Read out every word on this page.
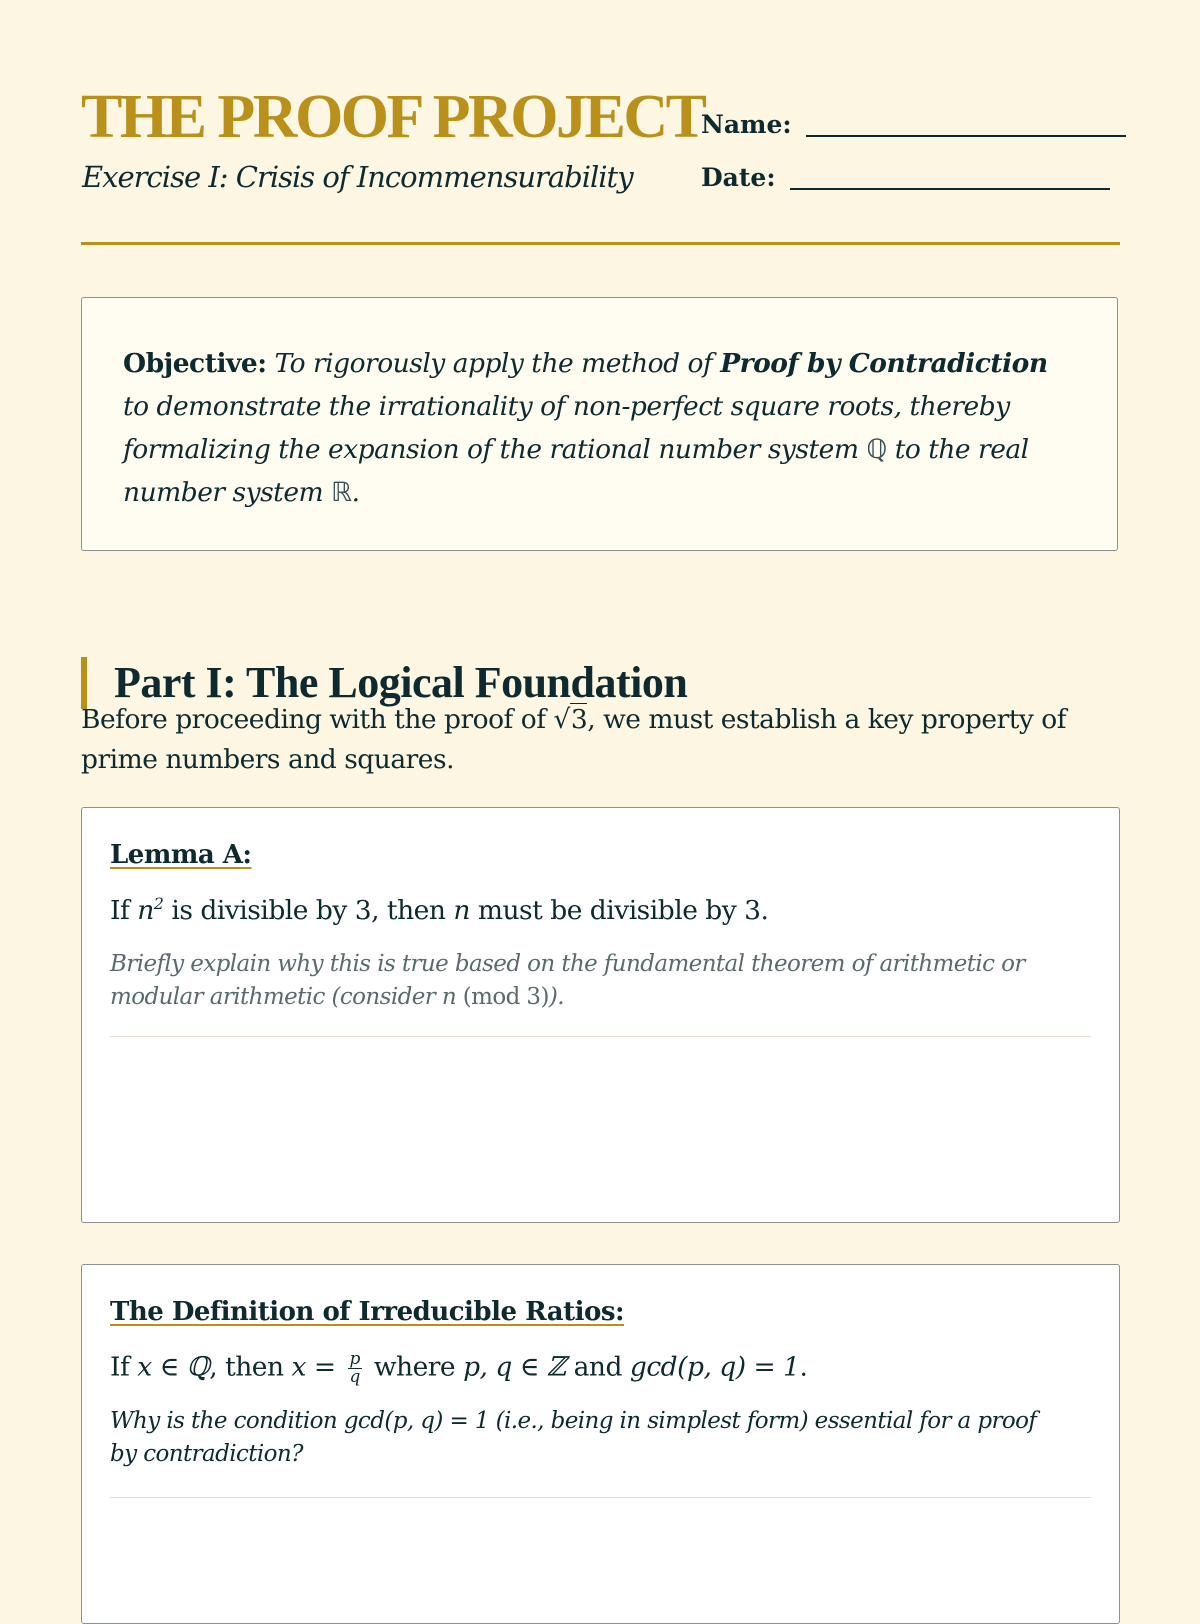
THE PROOF PROJECT
Exercise I: Crisis of Incommensurability
Name:
Date:
Objective: To rigorously apply the method of Proof by Contradiction to demonstrate the irrationality of non-perfect square roots, thereby formalizing the expansion of the rational number system ℚ to the real number system ℝ.
Part I: The Logical Foundation
Before proceeding with the proof of √3, we must establish a key property of prime numbers and squares.
Lemma A:
If $n^2$ is divisible by 3, then n must be divisible by 3.
Briefly explain why this is true based on the fundamental theorem of arithmetic or modular arithmetic (consider n (mod 3)).
The Definition of Irreducible Ratios:
If x ∈ ℚ, then $x = \frac{p}{q}$ where p, q ∈ ℤ and gcd(p, q) = 1.
Why is the condition gcd(p, q) = 1 (i.e., being in simplest form) essential for a proof by contradiction?
